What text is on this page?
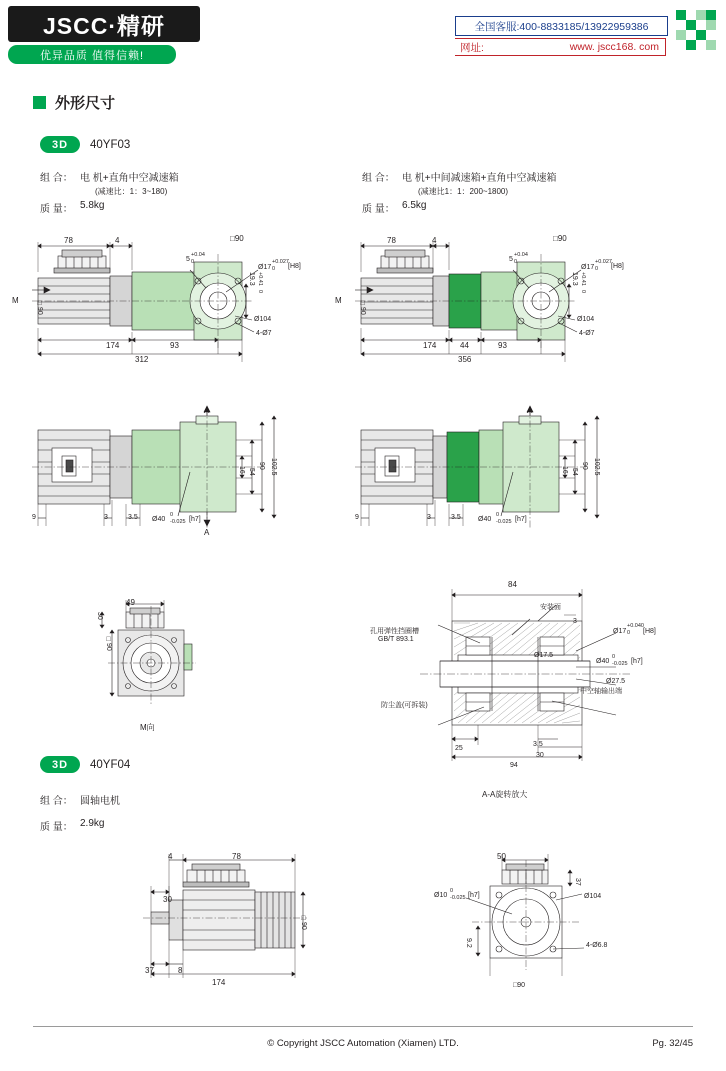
JSCC·精研
优异品质 值得信赖!
全国客服:400-8833185/13922959386
www. jscc168. com
网址:
外形尺寸
3D 40YF03
组 合： 电 机+直角中空减速箱
(减速比：1：3~180)
质 量： 5.8kg
组 合： 电 机+中间减速箱+直角中空减速箱
(减速比1：1：200~1800)
质 量： 6.5kg
78	4	□90
Ø17
+0.027
0 [H8]
5
+0.04
0
19.3 +0.41
0
Ø104
4-Ø7
174	93
312
M □90
78	4	□90
Ø17
+0.027
0 [H8]
5
+0.04
0
19.3 +0.41
0
Ø104
4-Ø7
174	44	93
356
M □90
A
A
16 54
90 102.5
9	3	3.5 Ø40
0
-0.025 [h7]
A
16 54
90 102.5
9	3	3.5 Ø40
0
-0.025 [h7]
49
□90
30
M向
84
安装面
3
孔用弹性挡圈槽
GB/T 893.1
防尘盖(可拆装)
Ø17
+0.040
0 [H8]
Ø17.5
Ø27.5
Ø40
0
-0.025 [h7]
中空轴输出端
25
3.5
30
94
A-A旋转放大
3D 40YF04
组 合： 圆轴电机
质 量： 2.9kg
4	78
30
□90
37	8
174
50
37
Ø104
4-Ø6.8
Ø10
0
-0.025 [h7]
9.2
□90
© Copyright JSCC Automation (Xiamen) LTD.	Pg. 32/45
